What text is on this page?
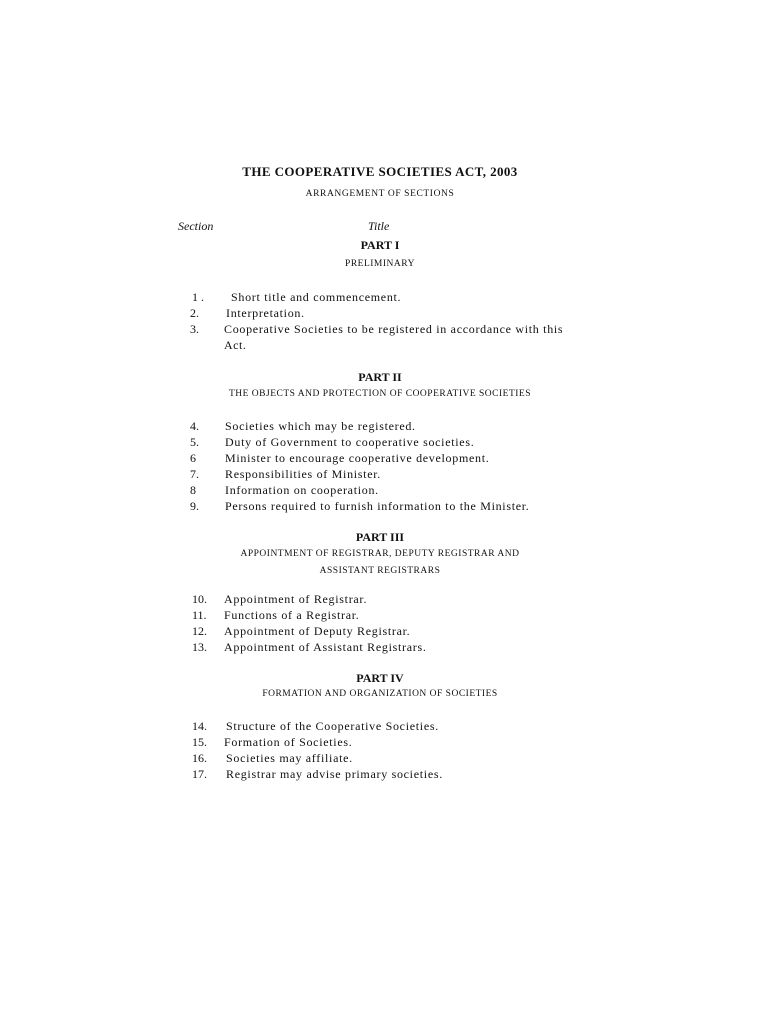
THE COOPERATIVE SOCIETIES ACT, 2003
ARRANGEMENT OF SECTIONS
Section	Title
PART I
PRELIMINARY
1 . Short title and commencement.
2. Interpretation.
3. Cooperative Societies to be registered in accordance with this
Act.
PART II
THE OBJECTS AND PROTECTION OF COOPERATIVE SOCIETIES
4. Societies which may be registered.
5. Duty of Government to cooperative societies.
6 Minister to encourage cooperative development.
7. Responsibilities of Minister.
8 Information on cooperation.
9. Persons required to furnish information to the Minister.
PART III
APPOINTMENT OF REGISTRAR, DEPUTY REGISTRAR AND
ASSISTANT REGISTRARS
10. Appointment of Registrar.
11. Functions of a Registrar.
12. Appointment of Deputy Registrar.
13. Appointment of Assistant Registrars.
PART IV
FORMATION AND ORGANIZATION OF SOCIETIES
14. Structure of the Cooperative Societies.
15. Formation of Societies.
16. Societies may affiliate.
17. Registrar may advise primary societies.
